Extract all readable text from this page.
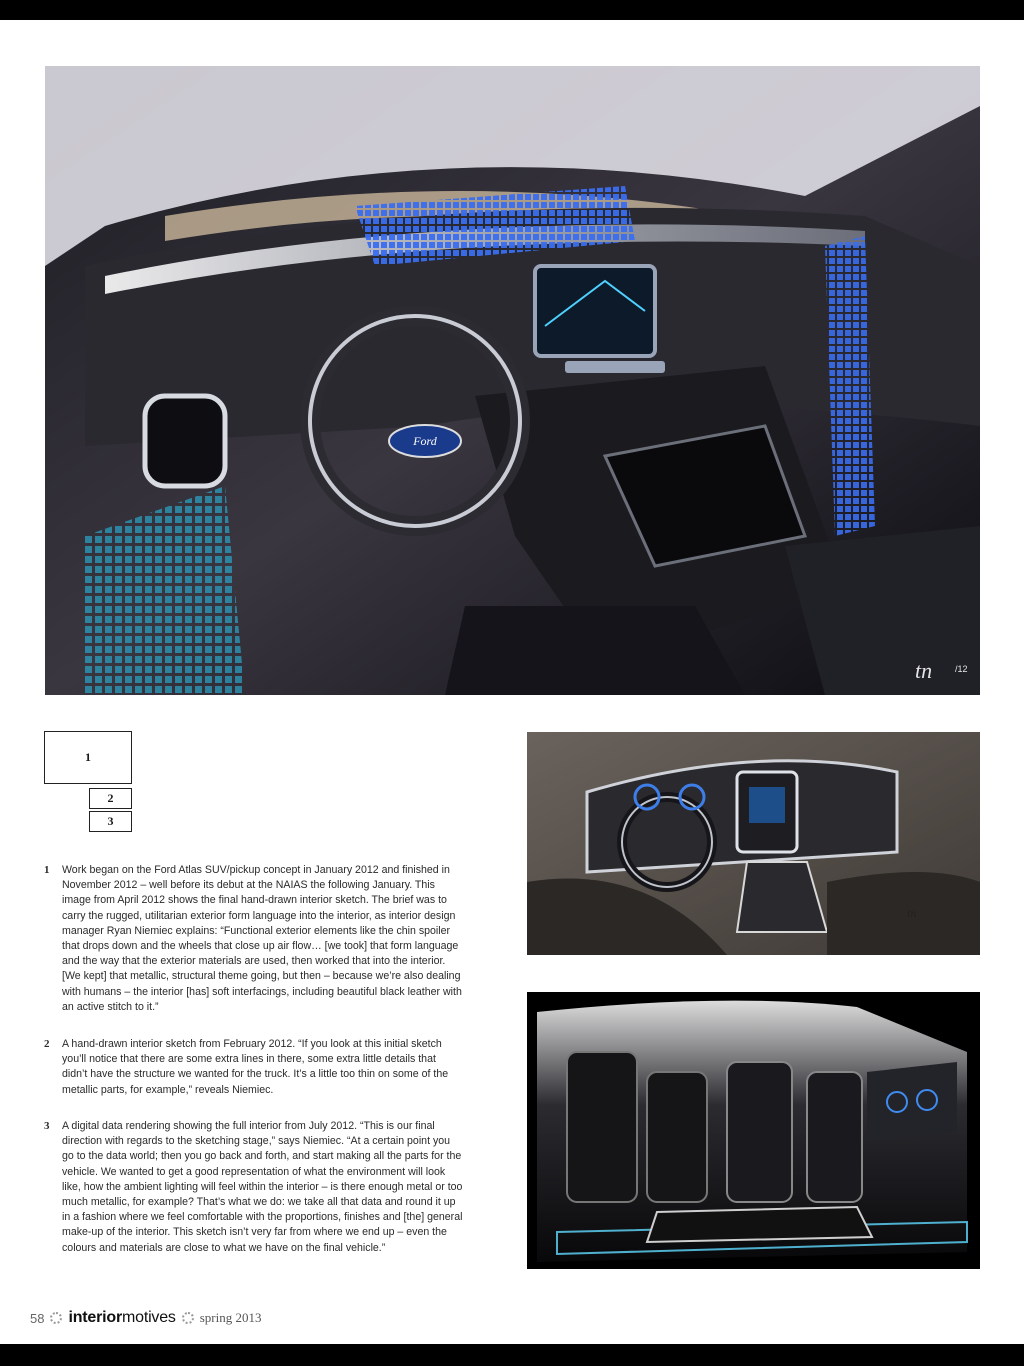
Ford
tn	/12
1
2
3
1 Work began on the Ford Atlas SUV/pickup concept in January 2012 and finished in November 2012 – well before its debut at the NAIAS the following January. This image from April 2012 shows the final hand-drawn interior sketch. The brief was to carry the rugged, utilitarian exterior form language into the interior, as interior design manager Ryan Niemiec explains: “Functional exterior elements like the chin spoiler that drops down and the wheels that close up air flow… [we took] that form language and the way that the exterior materials are used, then worked that into the interior. [We kept] that metallic, structural theme going, but then – because we’re also dealing with humans – the interior [has] soft interfacings, including beautiful black leather with an active stitch to it.”
2 A hand-drawn interior sketch from February 2012. “If you look at this initial sketch you’ll notice that there are some extra lines in there, some extra little details that didn’t have the structure we wanted for the truck. It’s a little too thin on some of the metallic parts, for example,” reveals Niemiec.
3 A digital data rendering showing the full interior from July 2012. “This is our final direction with regards to the sketching stage,” says Niemiec. “At a certain point you go to the data world; then you go back and forth, and start making all the parts for the vehicle. We wanted to get a good representation of what the environment will look like, how the ambient lighting will feel within the interior – is there enough metal or too much metallic, for example? That’s what we do: we take all that data and round it up in a fashion where we feel comfortable with the proportions, finishes and [the] general make-up of the interior. This sketch isn’t very far from where we end up – even the colours and materials are close to what we have on the final vehicle.”
tn
58 interior motives spring 2013
